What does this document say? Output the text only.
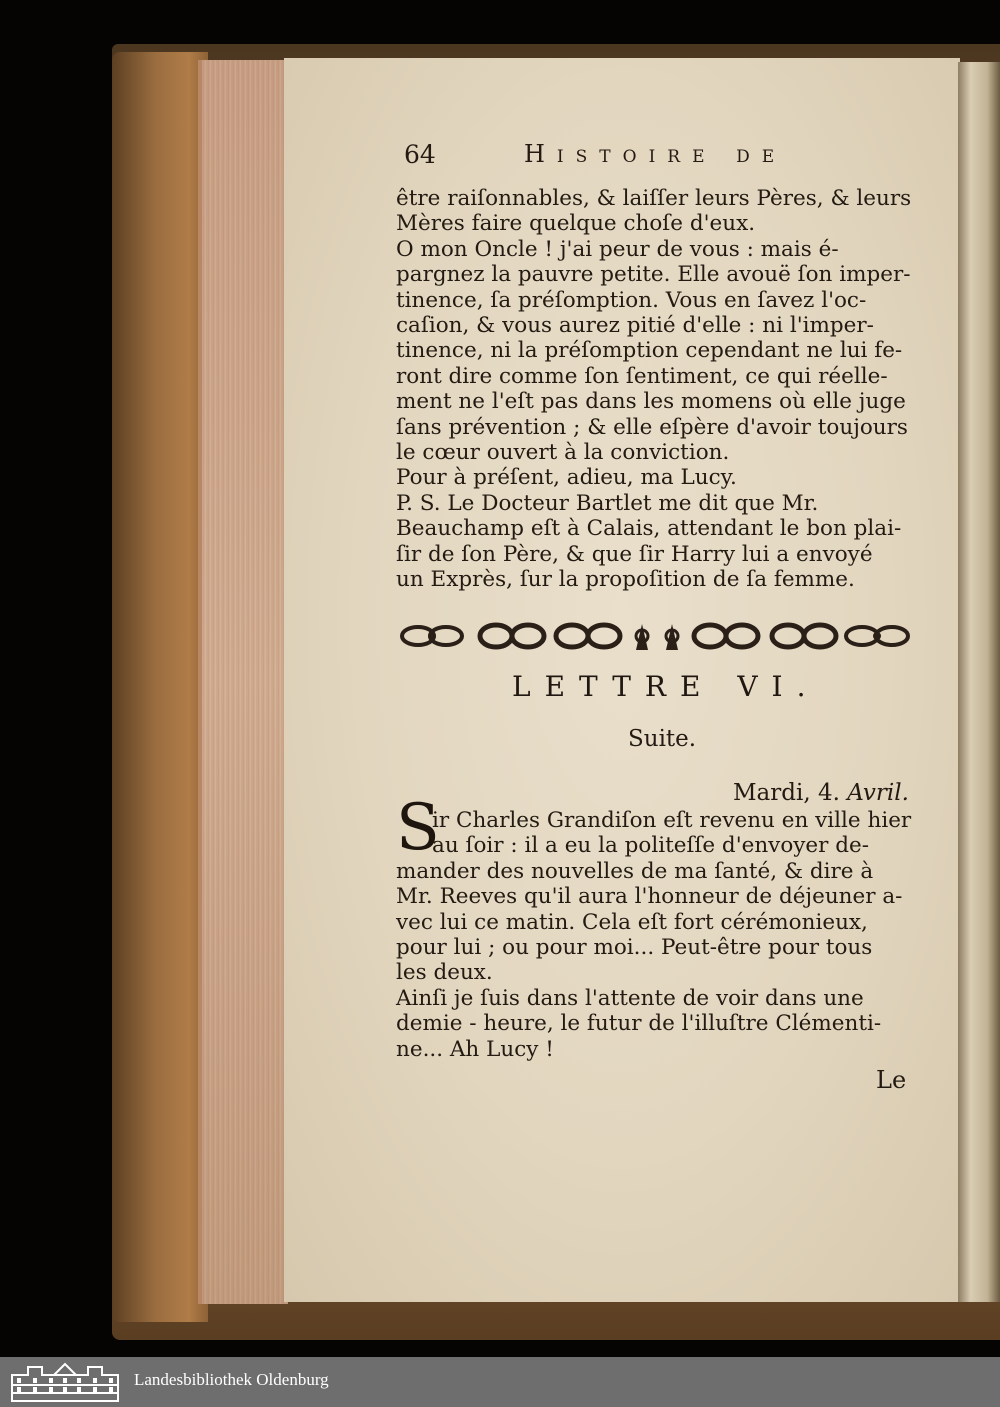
64	Histoire de
être raiſonnables, & laiſſer leurs Pères, & leurs
Mères faire quelque choſe d'eux.
O mon Oncle ! j'ai peur de vous : mais é-
pargnez la pauvre petite. Elle avouë ſon imper-
tinence, ſa préſomption. Vous en ſavez l'oc-
caſion, & vous aurez pitié d'elle : ni l'imper-
tinence, ni la préſomption cependant ne lui fe-
ront dire comme ſon ſentiment, ce qui réelle-
ment ne l'eſt pas dans les momens où elle juge
ſans prévention ; & elle eſpère d'avoir toujours
le cœur ouvert à la conviction.
Pour à préſent, adieu, ma Lucy.
P. S. Le Docteur Bartlet me dit que Mr.
Beauchamp eſt à Calais, attendant le bon plai-
ſir de ſon Père, & que ſir Harry lui a envoyé
un Exprès, ſur la propoſition de ſa femme.
LETTRE VI.
Suite.
Mardi, 4. Avril.
S
ir Charles Grandiſon eſt revenu en ville hier
au ſoir : il a eu la politeſſe d'envoyer de-
mander des nouvelles de ma ſanté, & dire à
Mr. Reeves qu'il aura l'honneur de déjeuner a-
vec lui ce matin. Cela eſt fort cérémonieux,
pour lui ; ou pour moi... Peut-être pour tous
les deux.
Ainſi je ſuis dans l'attente de voir dans une
demie - heure, le futur de l'illuſtre Clémenti-
ne... Ah Lucy !
Le
Landesbibliothek Oldenburg
